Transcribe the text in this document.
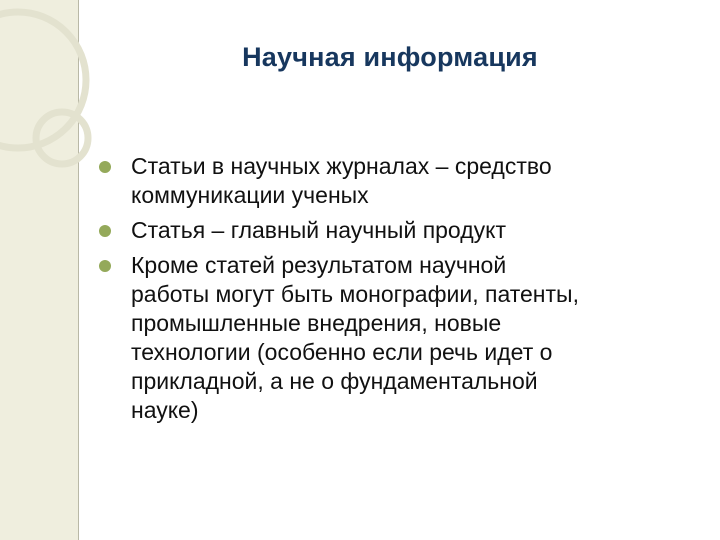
Научная информация
Статьи в научных журналах – средство
коммуникации ученых
Статья – главный научный продукт
Кроме статей результатом научной
работы могут быть монографии, патенты,
промышленные внедрения, новые
технологии (особенно если речь идет о
прикладной, а не о фундаментальной
науке)
